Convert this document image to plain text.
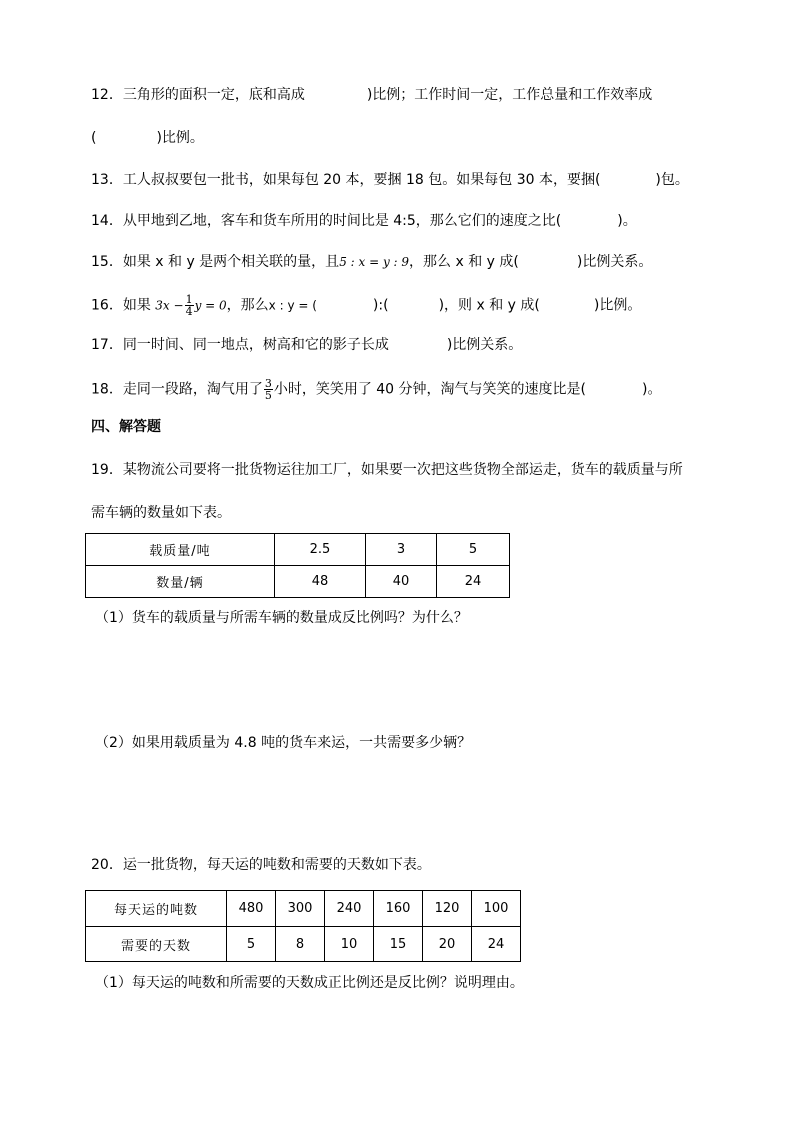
12．三角形的面积一定，底和高成	)比例；工作时间一定，工作总量和工作效率成
(	)比例。
13．工人叔叔要包一批书，如果每包 20 本，要捆 18 包。如果每包 30 本，要捆(	)包。
14．从甲地到乙地，客车和货车所用的时间比是 4:5，那么它们的速度之比(	)。
15．如果 x 和 y 是两个相关联的量，且5 : x = y : 9，那么 x 和 y 成(	)比例关系。
16．如果 $3x - \frac{1}{4}$ y = 0，那么x : y = (	):(	)，则 x 和 y 成(	)比例。
17．同一时间、同一地点，树高和它的影子长成	)比例关系。
18．走同一段路，淘气用了 $\frac{3}{5}$ 小时，笑笑用了 40 分钟，淘气与笑笑的速度比是(	)。
四、解答题
19．某物流公司要将一批货物运往加工厂，如果要一次把这些货物全部运走，货车的载质量与所
需车辆的数量如下表。
载质量/吨	2.5	3	5
数量/辆	48	40	24
（1）货车的载质量与所需车辆的数量成反比例吗？为什么？
（2）如果用载质量为 4.8 吨的货车来运，一共需要多少辆？
20．运一批货物，每天运的吨数和需要的天数如下表。
每天运的吨数	480	300	240	160	120	100
需要的天数	5	8	10	15	20	24
（1）每天运的吨数和所需要的天数成正比例还是反比例？说明理由。
